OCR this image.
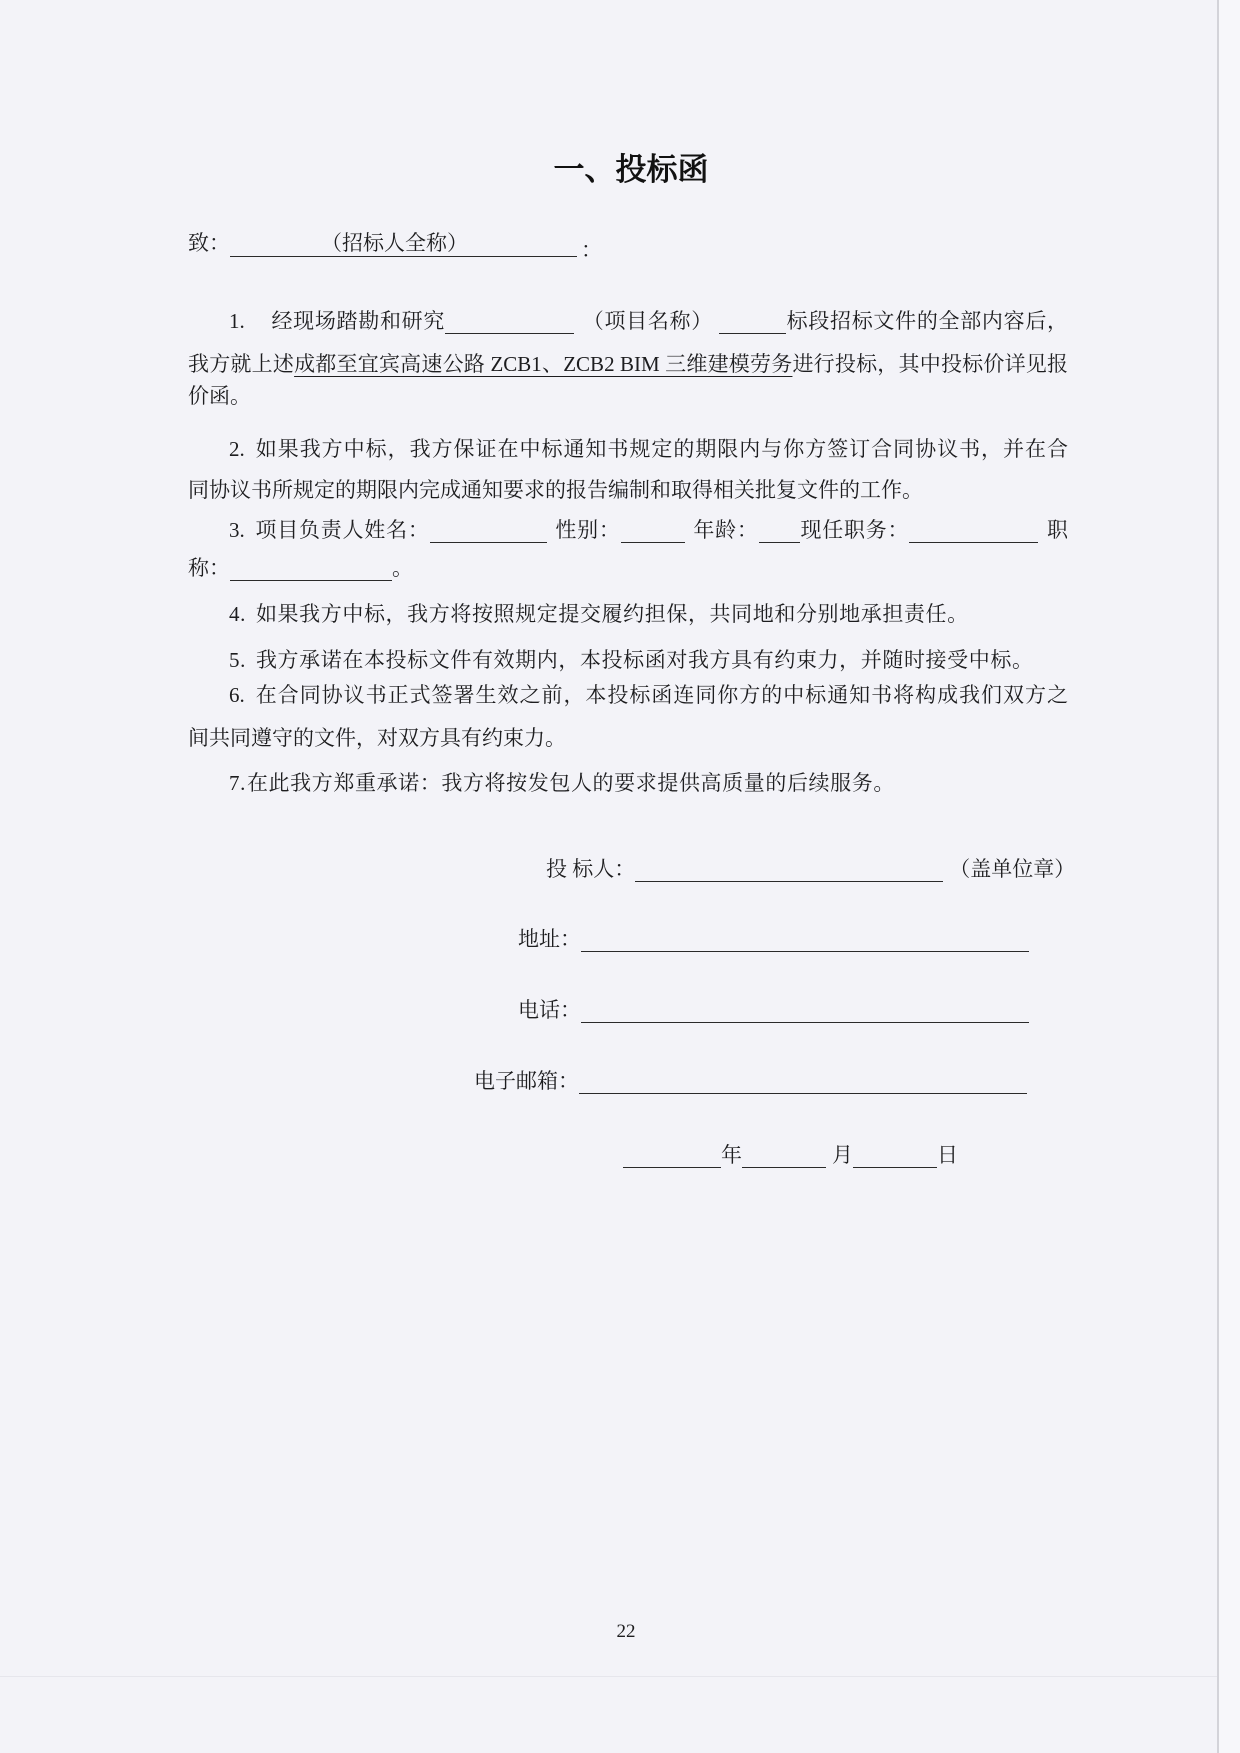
一、投标函
致：	（招标人全称）	：
1. 经现场踏勘和研究	（项目名称）	标段招标文件的全部内容后，
我方就上述成都至宜宾高速公路 ZCB1、ZCB2 BIM 三维建模劳务进行投标，其中投标价详见报
价函。
2. 如果我方中标，我方保证在中标通知书规定的期限内与你方签订合同协议书，并在合
同协议书所规定的期限内完成通知要求的报告编制和取得相关批复文件的工作。
3. 项目负责人姓名：	性别：	年龄： 现任职务：	职
称：	。
4. 如果我方中标，我方将按照规定提交履约担保，共同地和分别地承担责任。
5. 我方承诺在本投标文件有效期内，本投标函对我方具有约束力，并随时接受中标。
6. 在合同协议书正式签署生效之前，本投标函连同你方的中标通知书将构成我们双方之
间共同遵守的文件，对双方具有约束力。
7.在此我方郑重承诺：我方将按发包人的要求提供高质量的后续服务。
投 标人：	（盖单位章）
地址：
电话：
电子邮箱：
年	月	日
22
